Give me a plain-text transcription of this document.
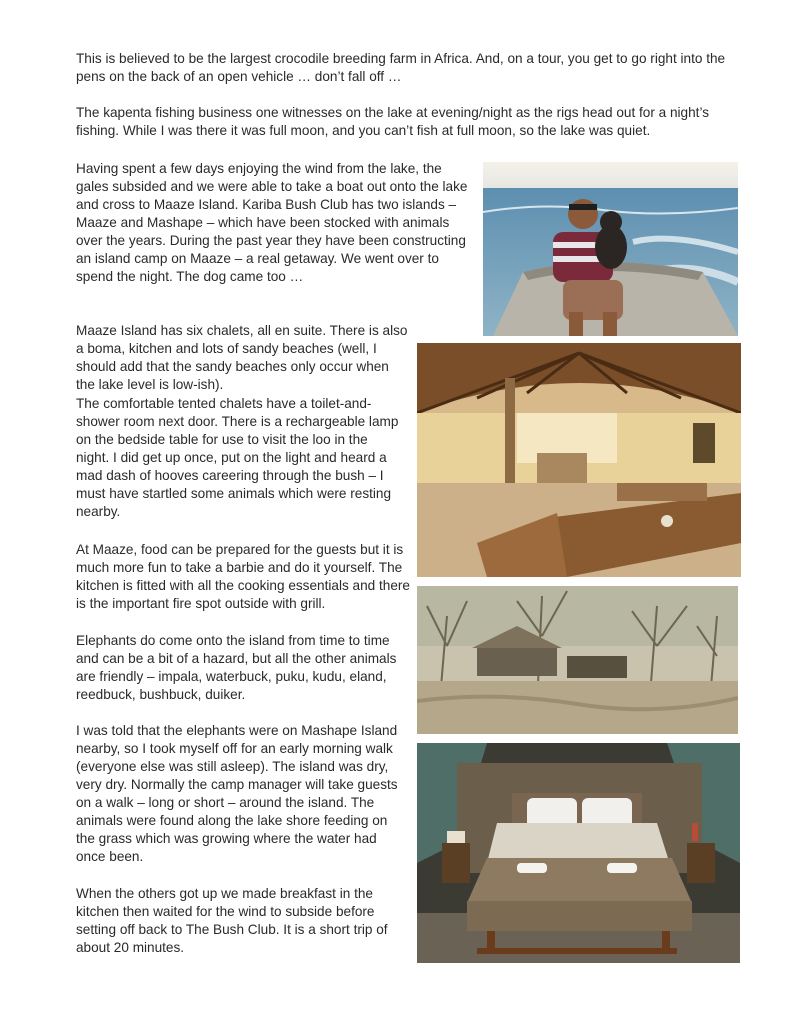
This is believed to be the largest crocodile breeding farm in Africa. And, on a tour, you get to go right into the pens on the back of an open vehicle … don’t fall off …

The kapenta fishing business one witnesses on the lake at evening/night as the rigs head out for a night’s fishing. While I was there it was full moon, and you can’t fish at full moon, so the lake was quiet.

Having spent a few days enjoying the wind from the lake, the gales subsided and we were able to take a boat out onto the lake and cross to Maaze Island. Kariba Bush Club has two islands – Maaze and Mashape – which have been stocked with animals over the years. During the past year they have been constructing an island camp on Maaze – a real getaway. We went over to spend the night. The dog came too …

Maaze Island has six chalets, all en suite. There is also a boma, kitchen and lots of sandy beaches (well, I should add that the sandy beaches only occur when the lake level is low-ish).

The comfortable tented chalets have a toilet-and-shower room next door. There is a rechargeable lamp on the bedside table for use to visit the loo in the night. I did get up once, put on the light and heard a mad dash of hooves careering through the bush – I must have startled some animals which were resting nearby.

At Maaze, food can be prepared for the guests but it is much more fun to take a barbie and do it yourself. The kitchen is fitted with all the cooking essentials and there is the important fire spot outside with grill.

Elephants do come onto the island from time to time and can be a bit of a hazard, but all the other animals are friendly – impala, waterbuck, puku, kudu, eland, reedbuck, bushbuck, duiker.

I was told that the elephants were on Mashape Island nearby, so I took myself off for an early morning walk (everyone else was still asleep). The island was dry, very dry. Normally the camp manager will take guests on a walk – long or short – around the island. The animals were found along the lake shore feeding on the grass which was growing where the water had once been.

When the others got up we made breakfast in the kitchen then waited for the wind to subside before setting off back to The Bush Club. It is a short trip of about 20 minutes.
